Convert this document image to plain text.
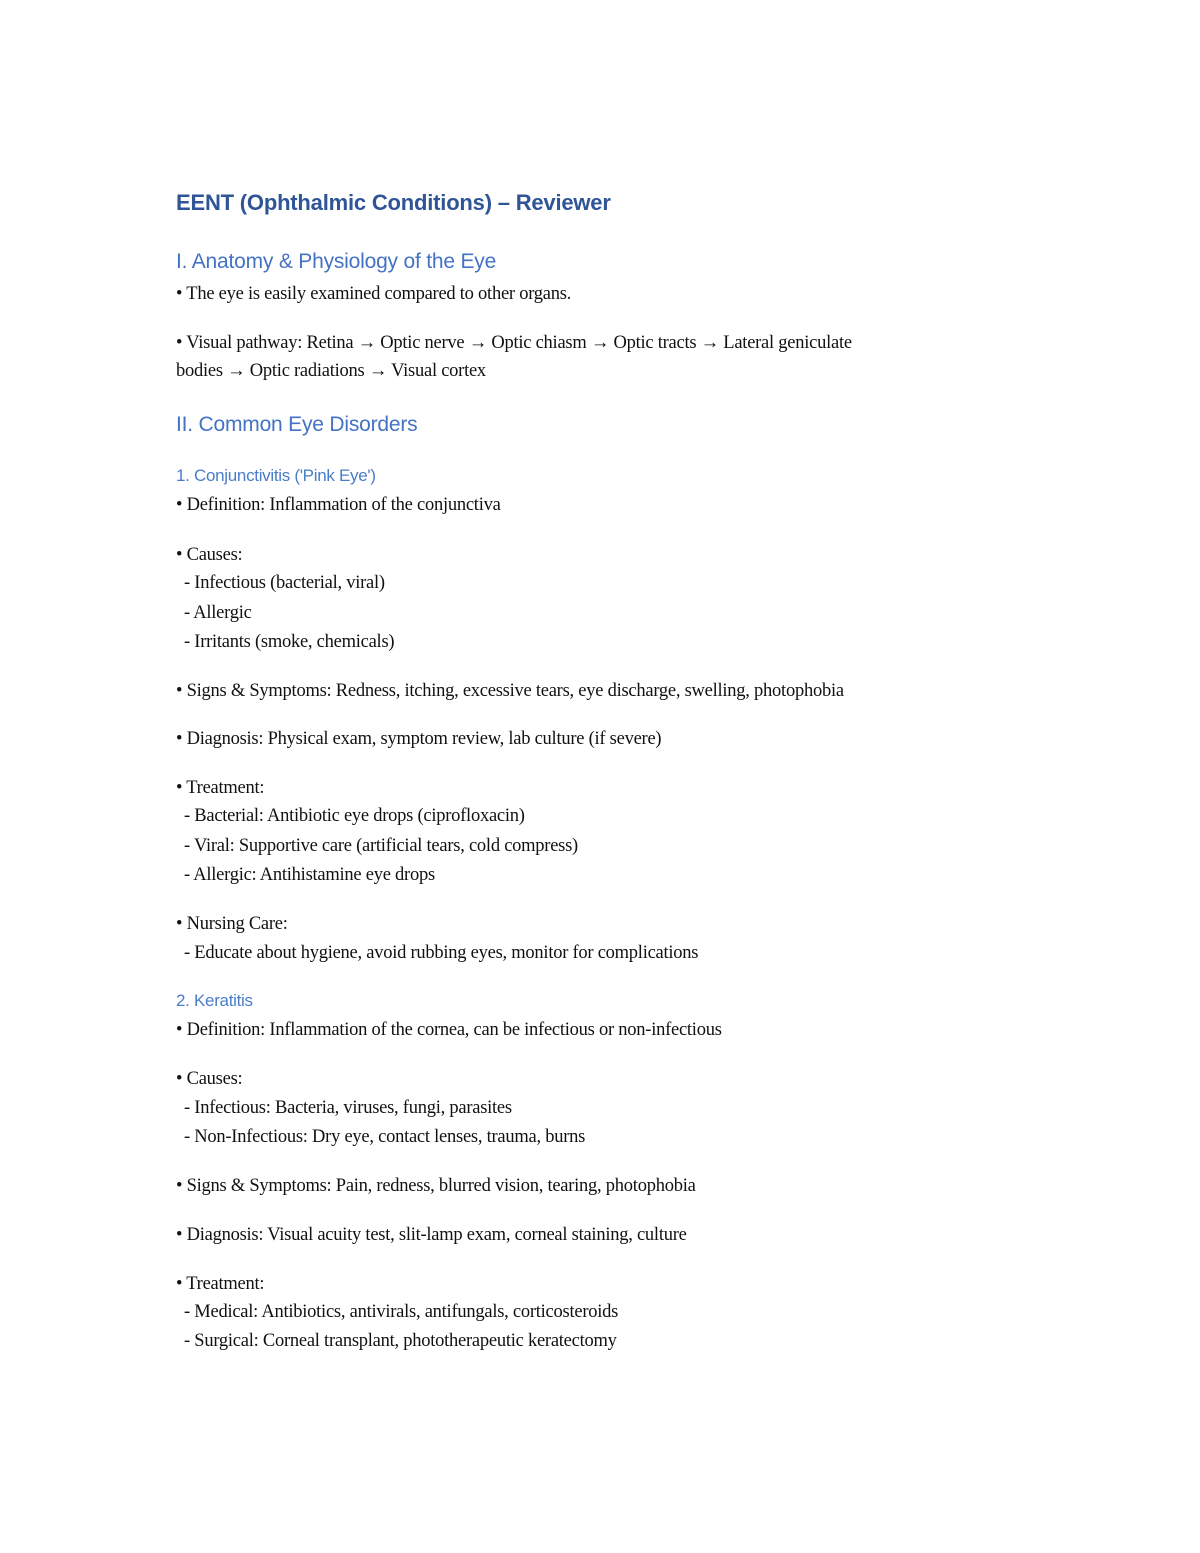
EENT (Ophthalmic Conditions) – Reviewer
I. Anatomy & Physiology of the Eye
• The eye is easily examined compared to other organs.
• Visual pathway: Retina → Optic nerve → Optic chiasm → Optic tracts → Lateral geniculate
bodies → Optic radiations → Visual cortex
II. Common Eye Disorders
1. Conjunctivitis ('Pink Eye')
• Definition: Inflammation of the conjunctiva
• Causes:
- Infectious (bacterial, viral)
- Allergic
- Irritants (smoke, chemicals)
• Signs & Symptoms: Redness, itching, excessive tears, eye discharge, swelling, photophobia
• Diagnosis: Physical exam, symptom review, lab culture (if severe)
• Treatment:
- Bacterial: Antibiotic eye drops (ciprofloxacin)
- Viral: Supportive care (artificial tears, cold compress)
- Allergic: Antihistamine eye drops
• Nursing Care:
- Educate about hygiene, avoid rubbing eyes, monitor for complications
2. Keratitis
• Definition: Inflammation of the cornea, can be infectious or non-infectious
• Causes:
- Infectious: Bacteria, viruses, fungi, parasites
- Non-Infectious: Dry eye, contact lenses, trauma, burns
• Signs & Symptoms: Pain, redness, blurred vision, tearing, photophobia
• Diagnosis: Visual acuity test, slit-lamp exam, corneal staining, culture
• Treatment:
- Medical: Antibiotics, antivirals, antifungals, corticosteroids
- Surgical: Corneal transplant, phototherapeutic keratectomy
